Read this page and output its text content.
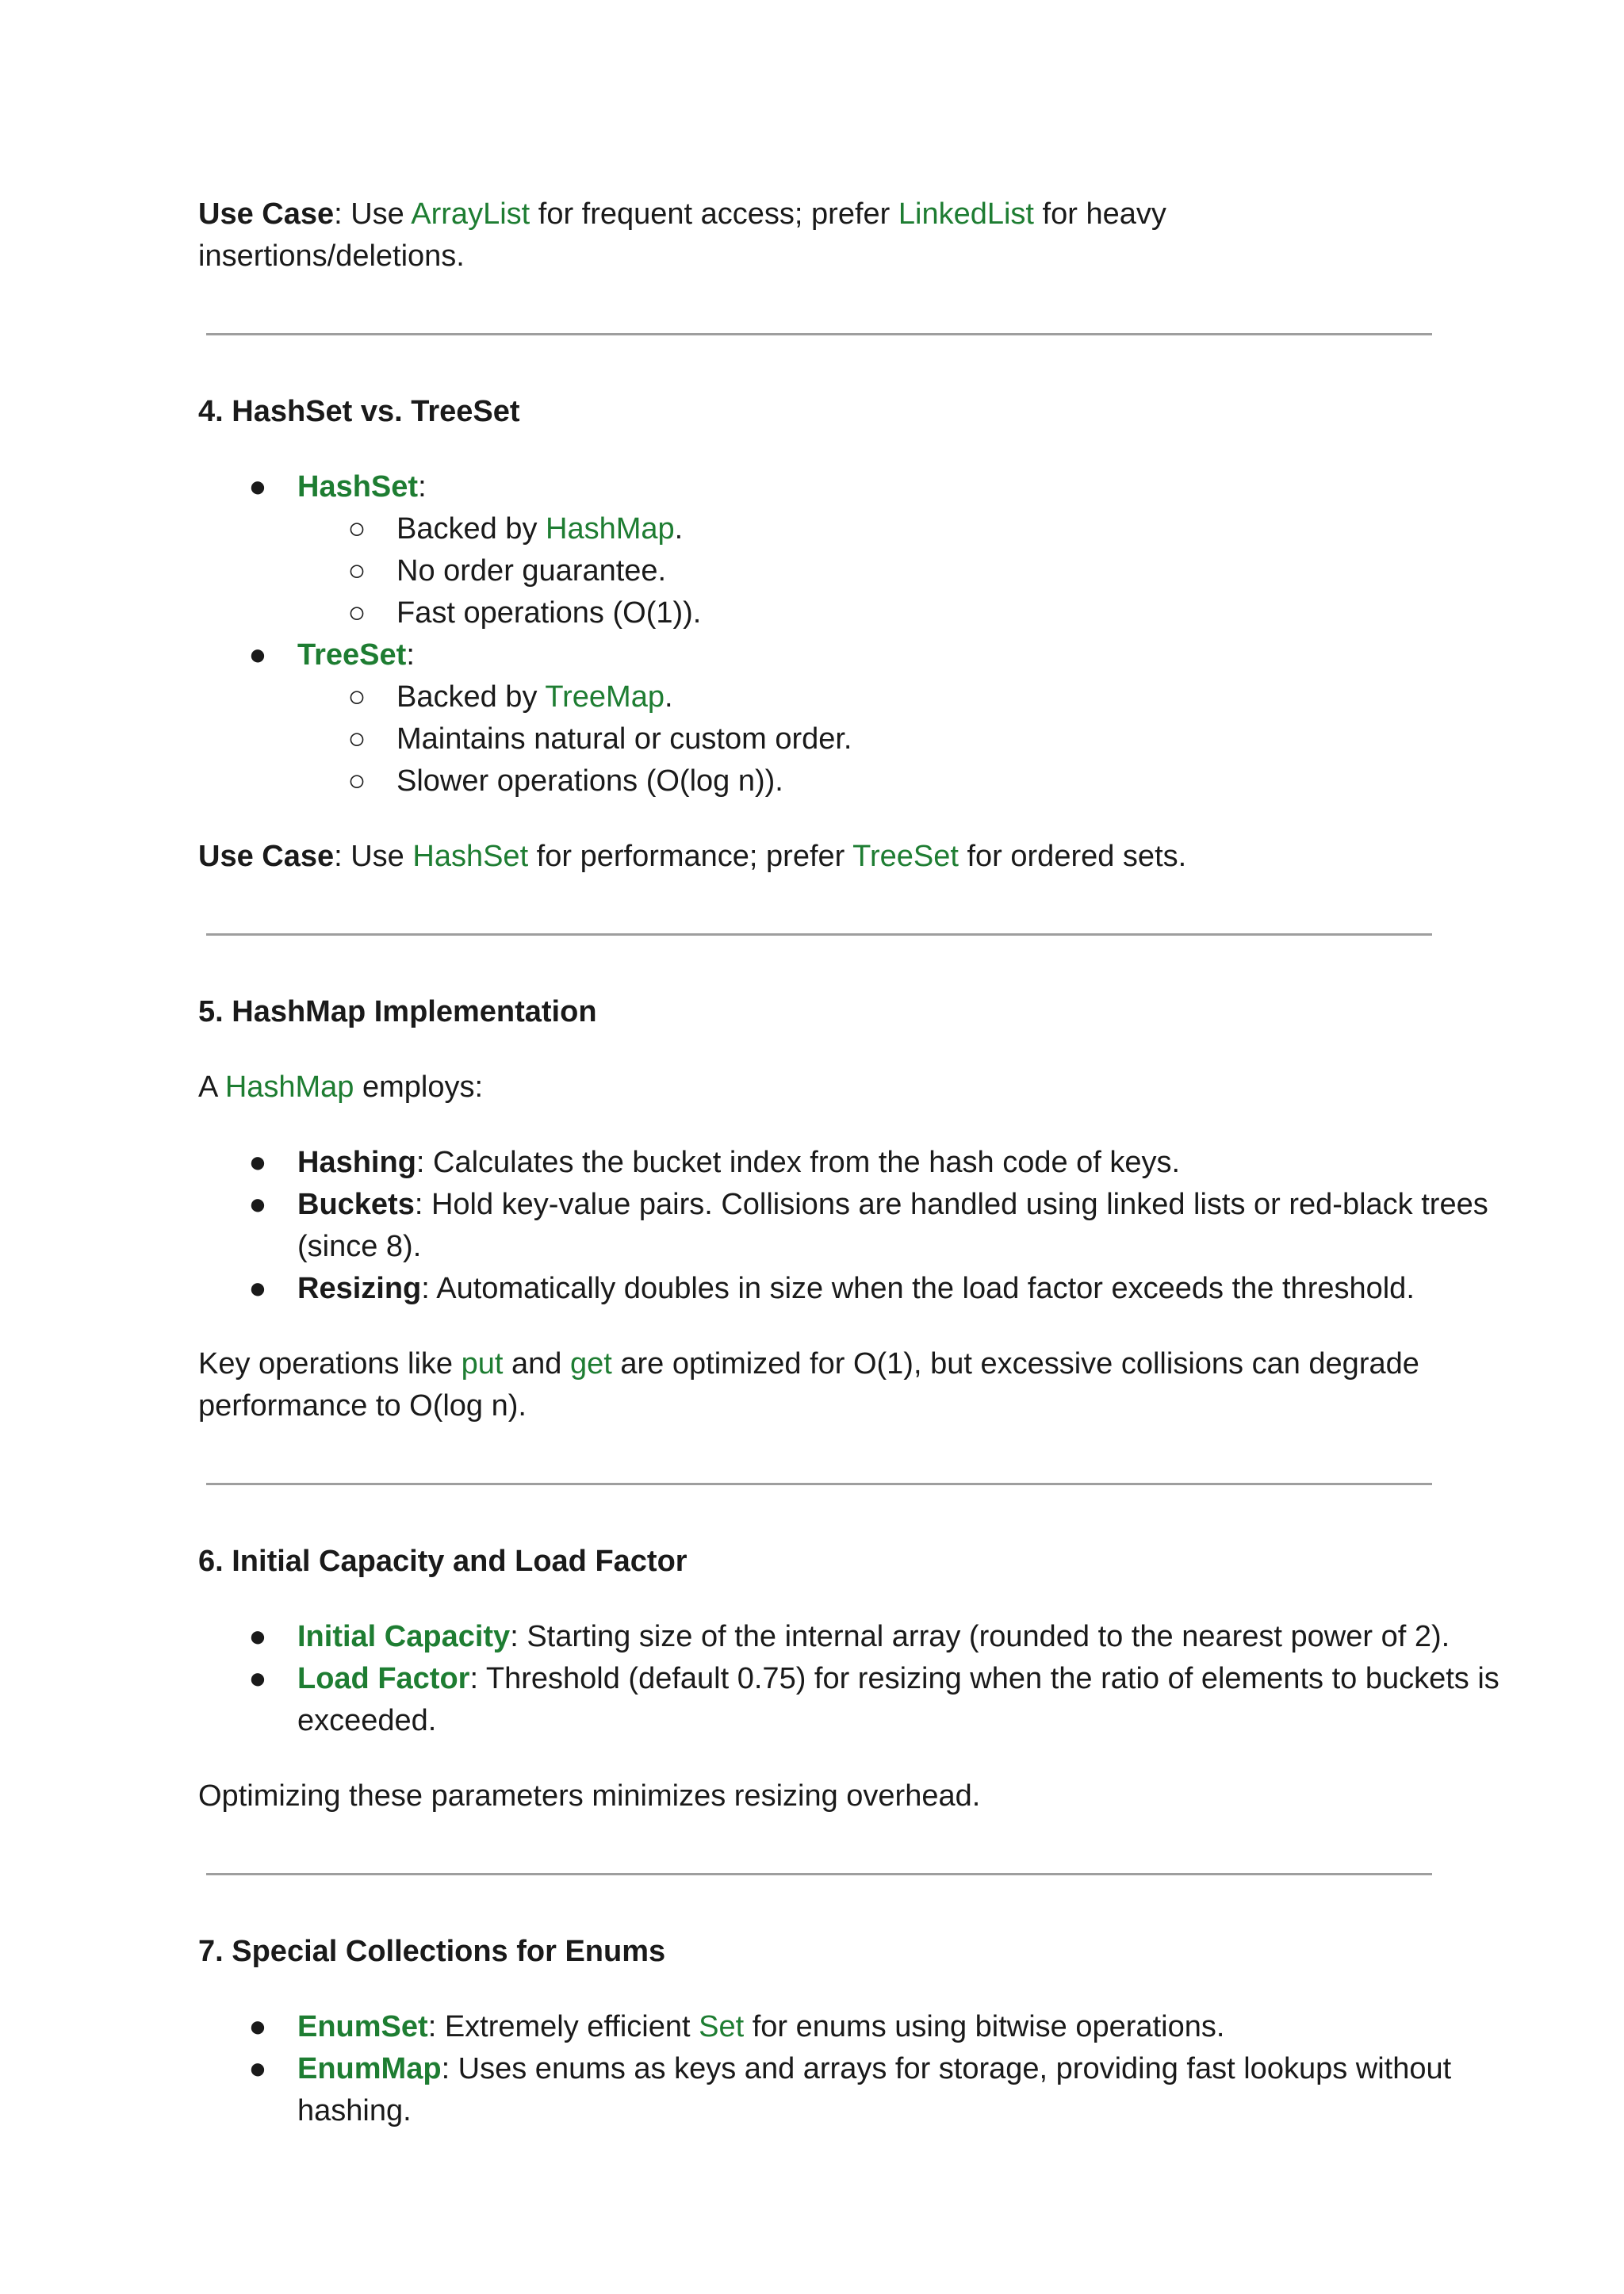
Use Case: Use ArrayList for frequent access; prefer LinkedList for heavy insertions/deletions.

4. HashSet vs. TreeSet
● HashSet:
○ Backed by HashMap.
○ No order guarantee.
○ Fast operations (O(1)).
● TreeSet:
○ Backed by TreeMap.
○ Maintains natural or custom order.
○ Slower operations (O(log n)).

Use Case: Use HashSet for performance; prefer TreeSet for ordered sets.

5. HashMap Implementation

A HashMap employs:

● Hashing: Calculates the bucket index from the hash code of keys.
● Buckets: Hold key-value pairs. Collisions are handled using linked lists or red-black trees (since 8).
● Resizing: Automatically doubles in size when the load factor exceeds the threshold.

Key operations like put and get are optimized for O(1), but excessive collisions can degrade performance to O(log n).

6. Initial Capacity and Load Factor
● Initial Capacity: Starting size of the internal array (rounded to the nearest power of 2).
● Load Factor: Threshold (default 0.75) for resizing when the ratio of elements to buckets is exceeded.

Optimizing these parameters minimizes resizing overhead.

7. Special Collections for Enums
● EnumSet: Extremely efficient Set for enums using bitwise operations.
● EnumMap: Uses enums as keys and arrays for storage, providing fast lookups without hashing.
